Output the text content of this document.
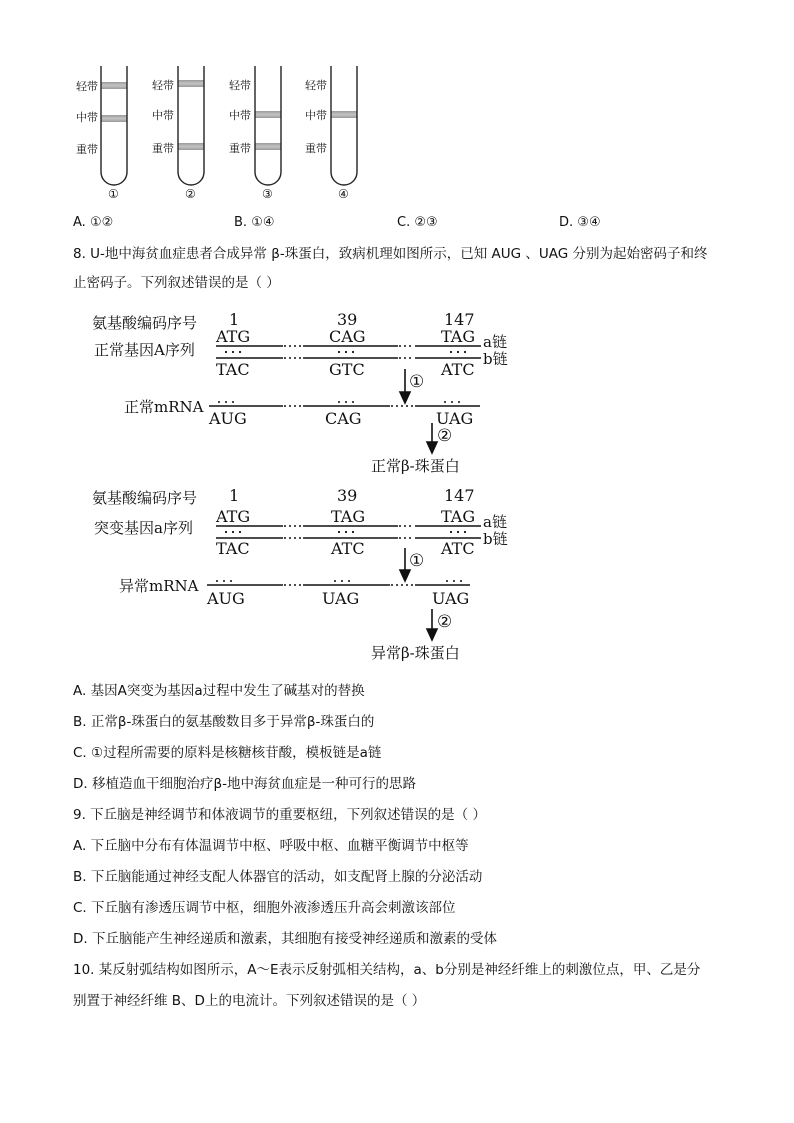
轻带
中带
重带
轻带
中带
重带
轻带
中带
重带
轻带
中带
重带
①	②	③	④
A. ①②	B. ①④	C. ②③	D. ③④
8. U-地中海贫血症患者合成异常 β-珠蛋白，致病机理如图所示，已知 AUG 、UAG 分别为起始密码子和终
止密码子。下列叙述错误的是（ ）
氨基酸编码序号 1	39	147
正常基因A序列
ATG	CAG	TAG a链
b链
TAC	GTC	ATC
①
正常mRNA
AUG	CAG	UAG
②
正常β-珠蛋白
氨基酸编码序号 1	39	147
突变基因a序列
ATG	TAG	TAG a链
b链
TAC	ATC	ATC
①
异常mRNA
AUG	UAG	UAG
②
异常β-珠蛋白
A. 基因A突变为基因a过程中发生了碱基对的替换
B. 正常β-珠蛋白的氨基酸数目多于异常β-珠蛋白的
C. ①过程所需要的原料是核糖核苷酸，模板链是a链
D. 移植造血干细胞治疗β-地中海贫血症是一种可行的思路
9. 下丘脑是神经调节和体液调节的重要枢纽，下列叙述错误的是（ ）
A. 下丘脑中分布有体温调节中枢、呼吸中枢、血糖平衡调节中枢等
B. 下丘脑能通过神经支配人体器官的活动，如支配肾上腺的分泌活动
C. 下丘脑有渗透压调节中枢，细胞外液渗透压升高会刺激该部位
D. 下丘脑能产生神经递质和激素，其细胞有接受神经递质和激素的受体
10. 某反射弧结构如图所示，A～E表示反射弧相关结构，a、b分别是神经纤维上的刺激位点，甲、乙是分
别置于神经纤维 B、D上的电流计。下列叙述错误的是（ ）
